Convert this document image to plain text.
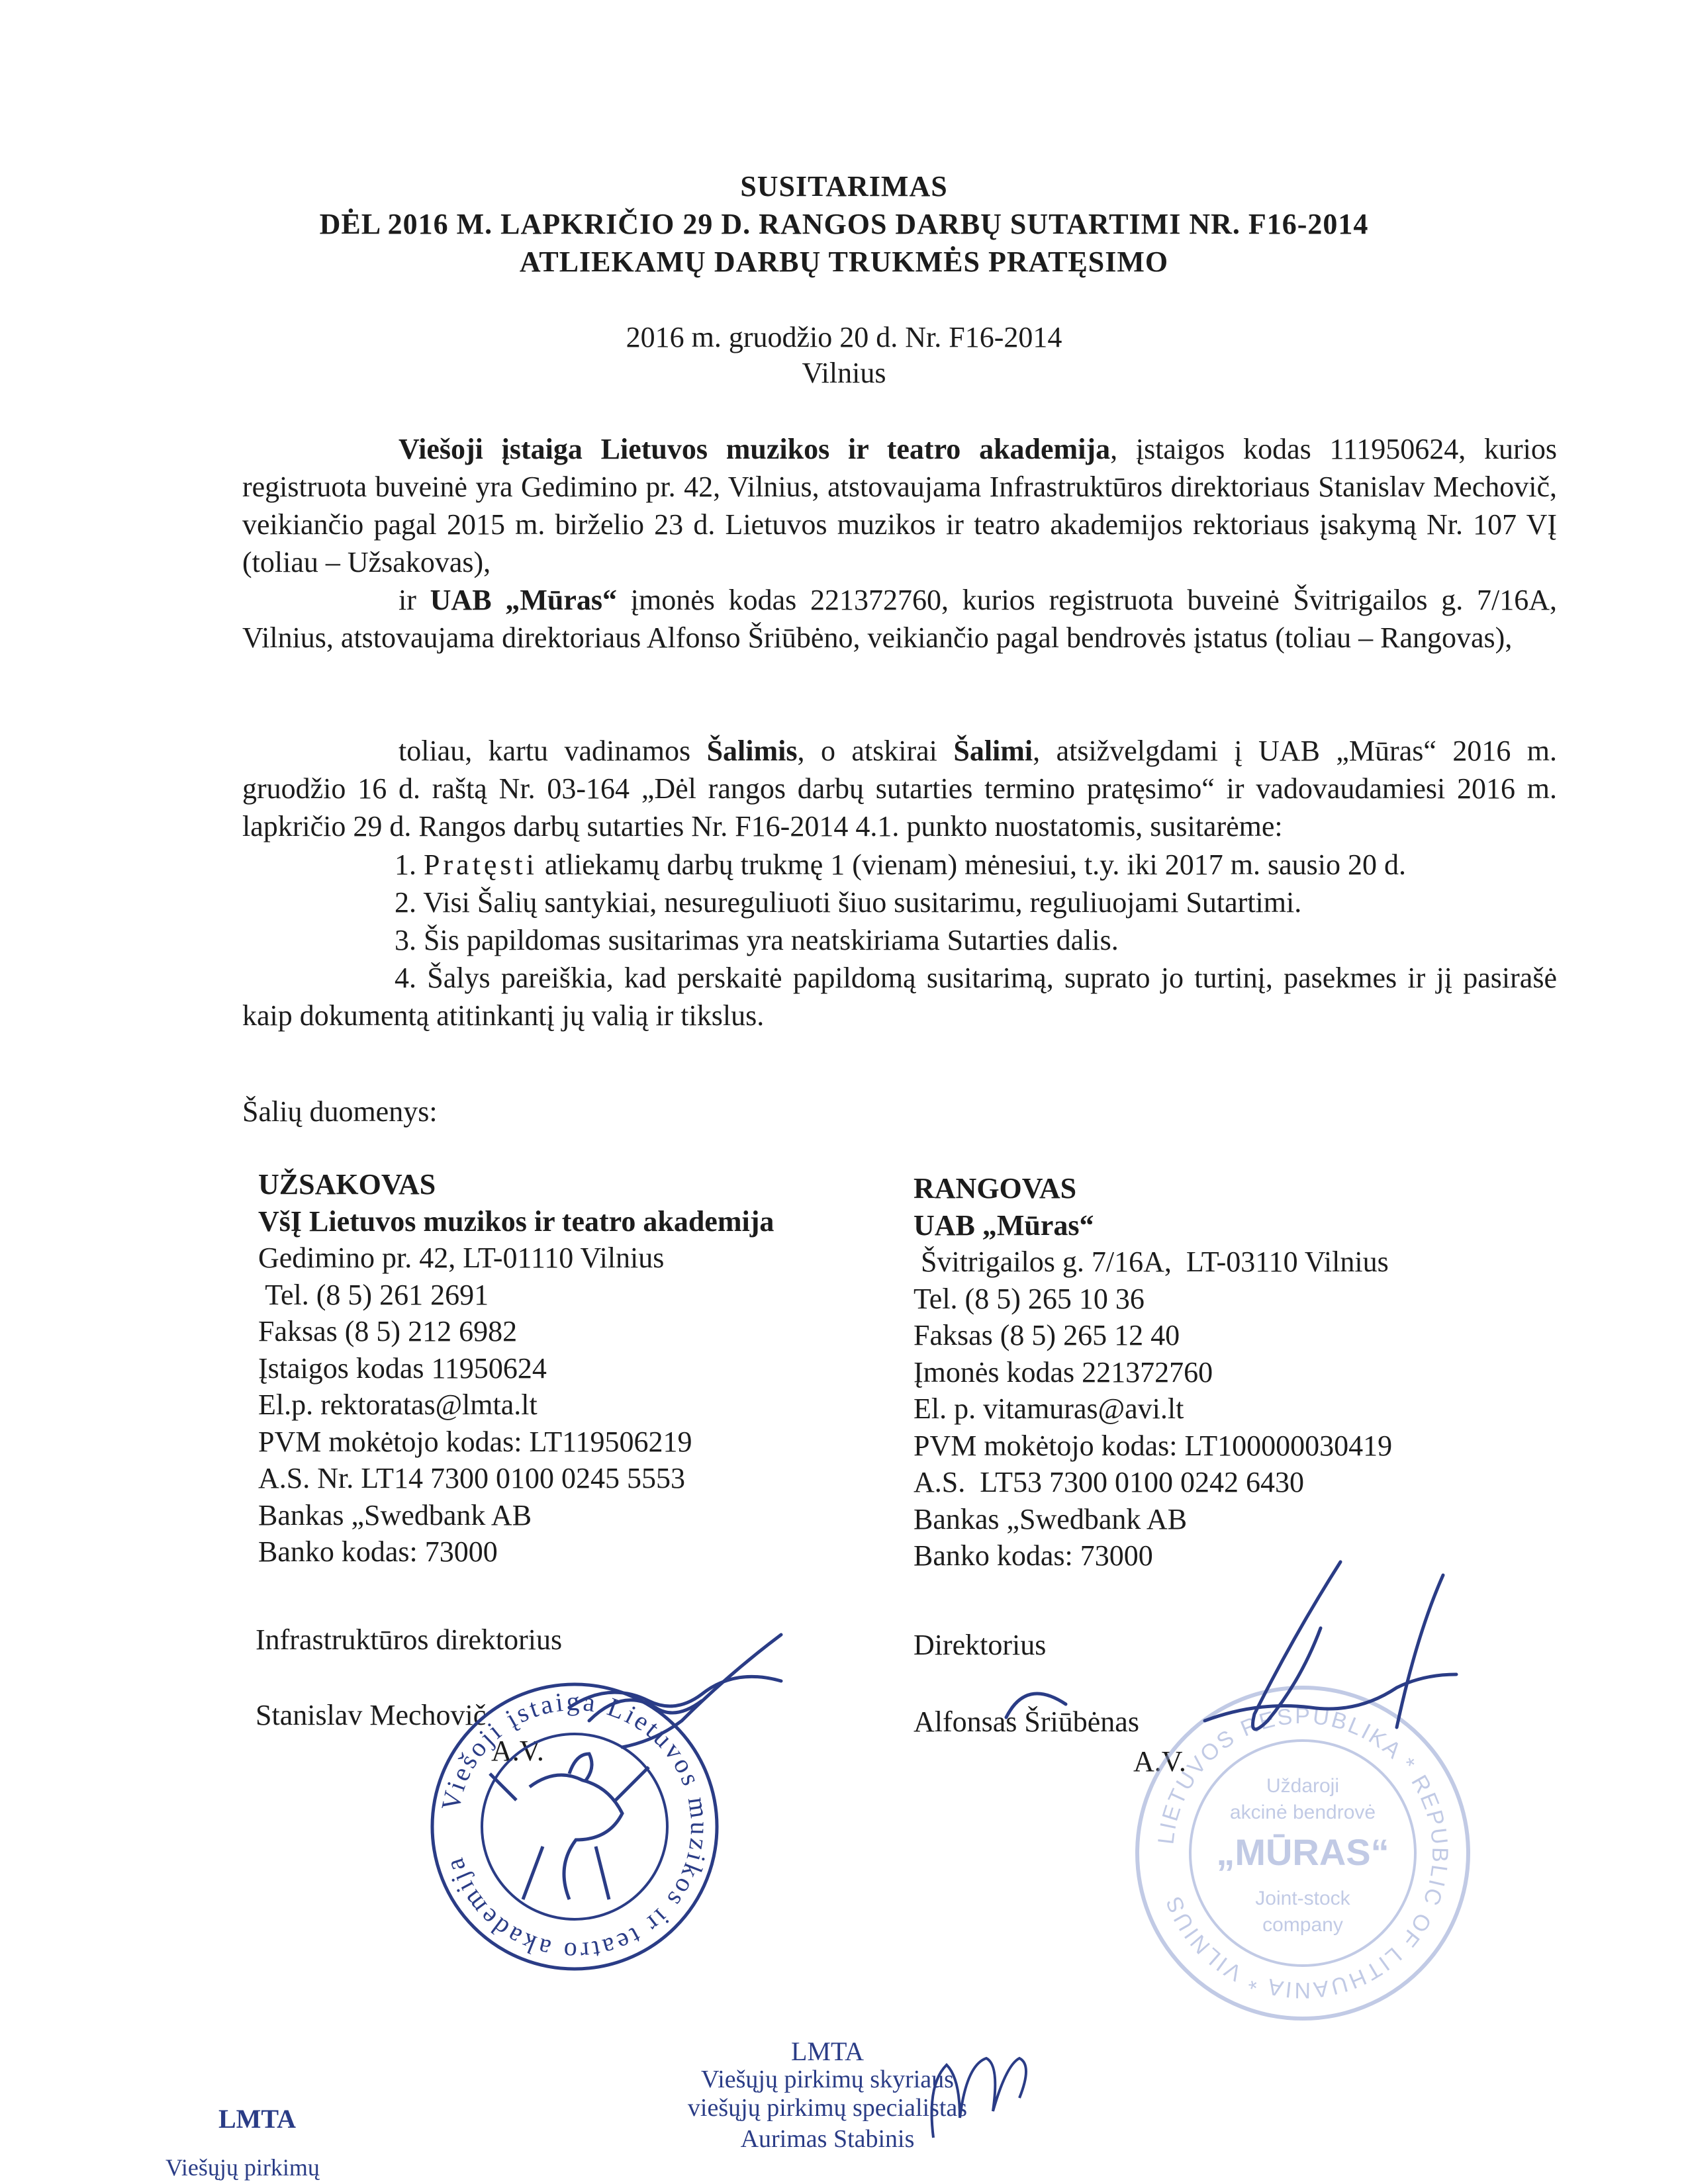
SUSITARIMAS
DĖL 2016 M. LAPKRIČIO 29 D. RANGOS DARBŲ SUTARTIMI NR. F16-2014
ATLIEKAMŲ DARBŲ TRUKMĖS PRATĘSIMO
2016 m. gruodžio 20 d. Nr. F16-2014
Vilnius
Viešoji įstaiga Lietuvos muzikos ir teatro akademija, įstaigos kodas 111950624, kurios registruota buveinė yra Gedimino pr. 42, Vilnius, atstovaujama Infrastruktūros direktoriaus Stanislav Mechovič, veikiančio pagal 2015 m. birželio 23 d. Lietuvos muzikos ir teatro akademijos rektoriaus įsakymą Nr. 107 VĮ (toliau – Užsakovas),
ir UAB „Mūras“ įmonės kodas 221372760, kurios registruota buveinė Švitrigailos g. 7/16A, Vilnius, atstovaujama direktoriaus Alfonso Šriūbėno, veikiančio pagal bendrovės įstatus (toliau – Rangovas),
toliau, kartu vadinamos Šalimis, o atskirai Šalimi, atsižvelgdami į UAB „Mūras“ 2016 m. gruodžio 16 d. raštą Nr. 03-164 „Dėl rangos darbų sutarties termino pratęsimo“ ir vadovaudamiesi 2016 m. lapkričio 29 d. Rangos darbų sutarties Nr. F16-2014 4.1. punkto nuostatomis, susitarėme:
1. Pratęsti atliekamų darbų trukmę 1 (vienam) mėnesiui, t.y. iki 2017 m. sausio 20 d.
2. Visi Šalių santykiai, nesureguliuoti šiuo susitarimu, reguliuojami Sutartimi.
3. Šis papildomas susitarimas yra neatskiriama Sutarties dalis.
4. Šalys pareiškia, kad perskaitė papildomą susitarimą, suprato jo turtinį, pasekmes ir jį pasirašė kaip dokumentą atitinkantį jų valią ir tikslus.
Šalių duomenys:
UŽSAKOVAS
VšĮ Lietuvos muzikos ir teatro akademija
Gedimino pr. 42, LT-01110 Vilnius
Tel. (8 5) 261 2691
Faksas (8 5) 212 6982
Įstaigos kodas 11950624
El.p. rektoratas@lmta.lt
PVM mokėtojo kodas: LT119506219
A.S. Nr. LT14 7300 0100 0245 5553
Bankas „Swedbank AB
Banko kodas: 73000
RANGOVAS
UAB „Mūras“
Švitrigailos g. 7/16A,  LT-03110 Vilnius
Tel. (8 5) 265 10 36
Faksas (8 5) 265 12 40
Įmonės kodas 221372760
El. p. vitamuras@avi.lt
PVM mokėtojo kodas: LT100000030419
A.S.  LT53 7300 0100 0242 6430
Bankas „Swedbank AB
Banko kodas: 73000
Infrastruktūros direktorius
Stanislav Mechovič
A.V.
Direktorius
Alfonsas Šriūbėnas
A.V.
Viešoji įstaiga Lietuvos muzikos ir teatro akademija
LIETUVOS RESPUBLIKA * REPUBLIC OF LITHUANIA * VILNIUS
Uždaroji
akcinė bendrovė
„MŪRAS“
Joint-stock
company
LMTA
Viešųjų pirkimų skyriaus
viešųjų pirkimų specialistas
Aurimas Stabinis
LMTA
Viešųjų pirkimų
